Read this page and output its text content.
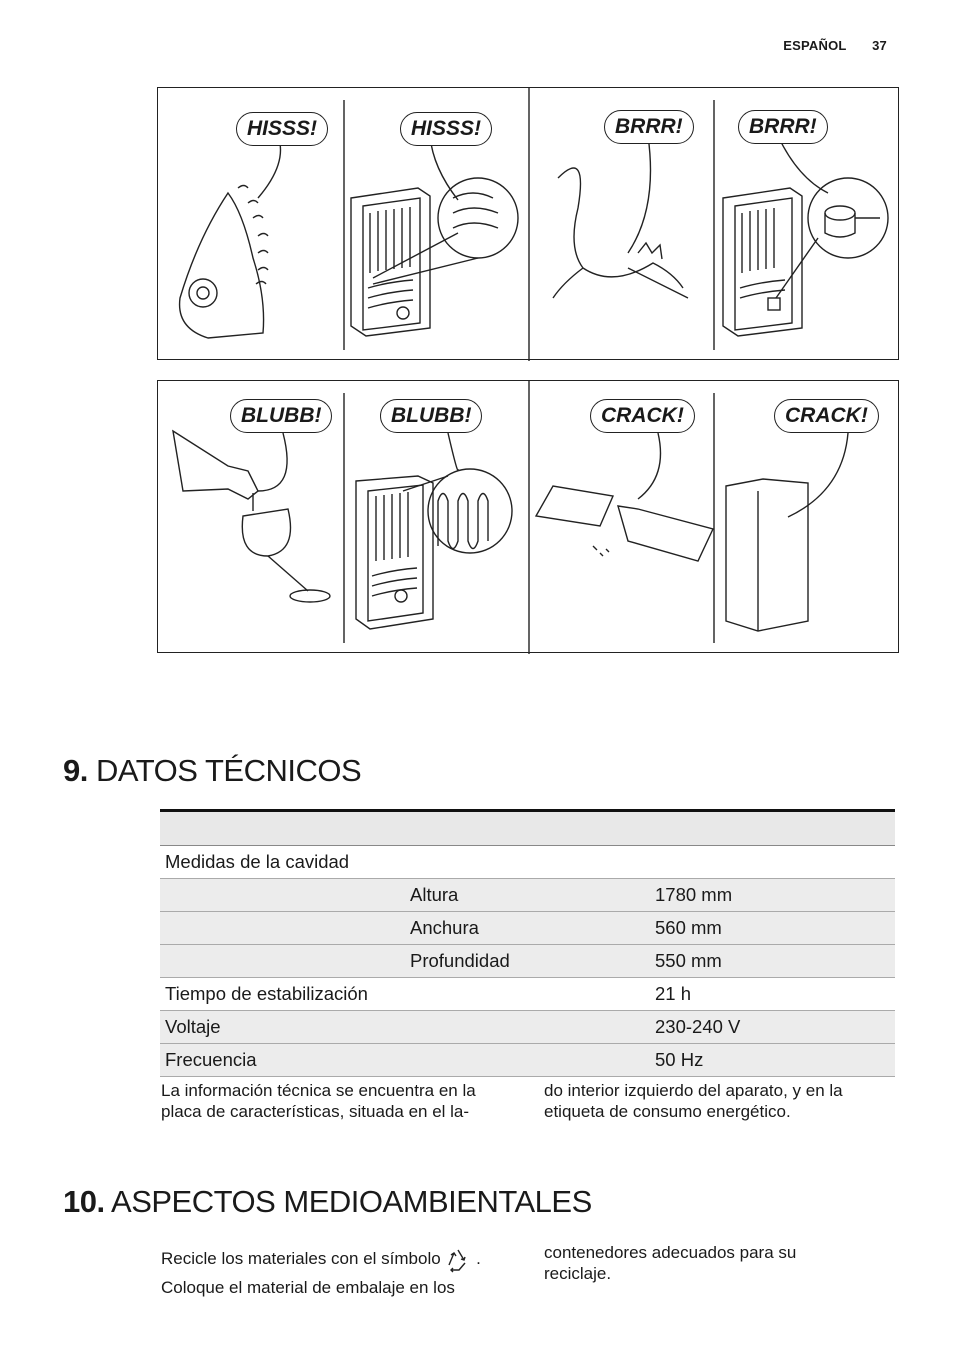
ESPAÑOL 37
HISSS!	HISSS!	BRRR!	BRRR!
BLUBB!	BLUBB!	CRACK!	CRACK!
9. DATOS TÉCNICOS

Medidas de la cavidad		
	Altura	1780 mm
	Anchura	560 mm
	Profundidad	550 mm
Tiempo de estabilización		21 h
Voltaje		230-240 V
Frecuencia		50 Hz
La información técnica se encuentra en la placa de características, situada en el la-
do interior izquierdo del aparato, y en la etiqueta de consumo energético.
10. ASPECTOS MEDIOAMBIENTALES
Recicle los materiales con el símbolo .
Coloque el material de embalaje en los
contenedores adecuados para su reciclaje.
